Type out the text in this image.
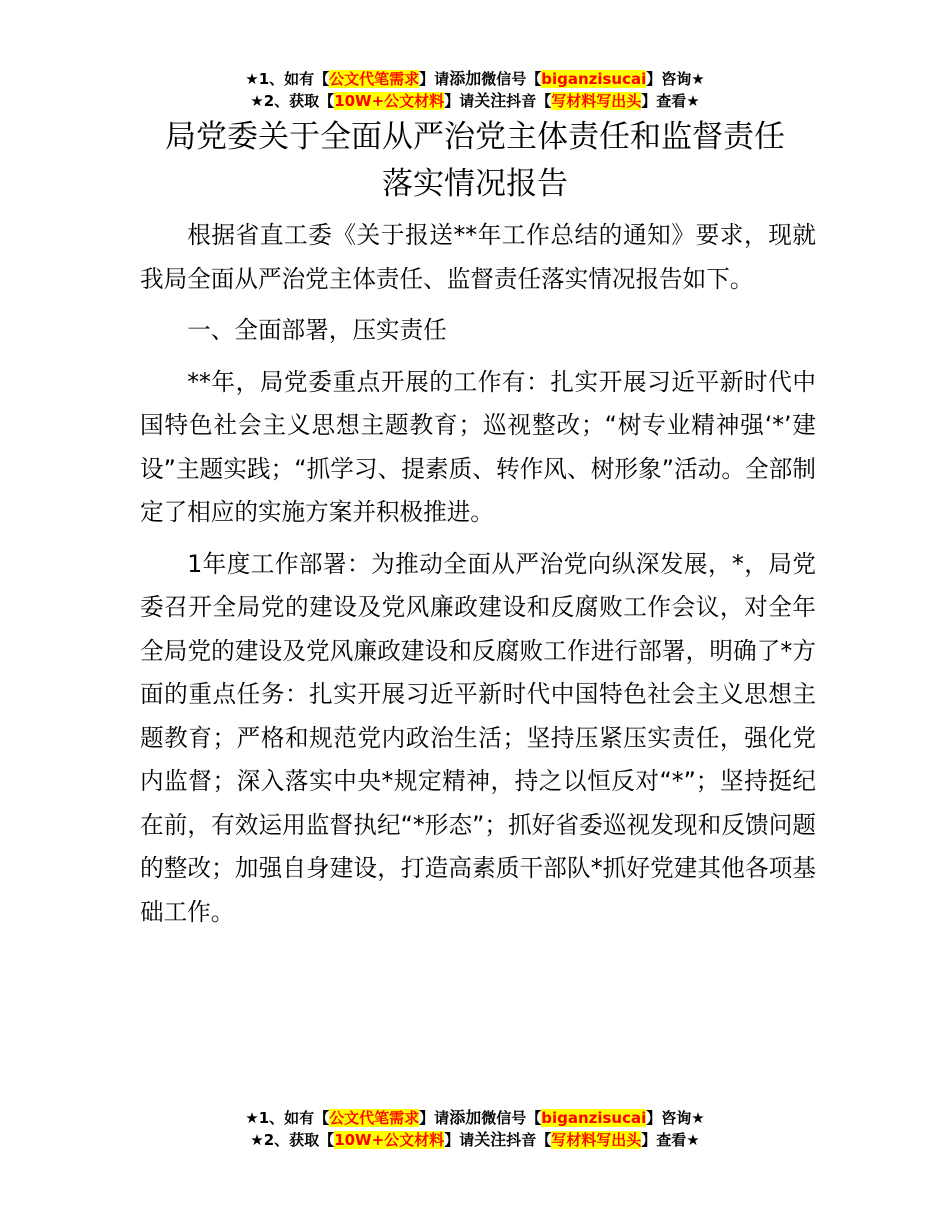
★1、如有【公文代笔需求】请添加微信号【biganzisucai】咨询★
★2、获取【10W+公文材料】请关注抖音【写材料写出头】查看★
局党委关于全面从严治党主体责任和监督责任
落实情况报告

根据省直工委《关于报送**年工作总结的通知》要求，现就我局全面从严治党主体责任、监督责任落实情况报告如下。

一、全面部署，压实责任

**年，局党委重点开展的工作有：扎实开展习近平新时代中国特色社会主义思想主题教育；巡视整改；“树专业精神强‘*’建设”主题实践；“抓学习、提素质、转作风、树形象”活动。全部制定了相应的实施方案并积极推进。

1年度工作部署：为推动全面从严治党向纵深发展，*，局党委召开全局党的建设及党风廉政建设和反腐败工作会议，对全年全局党的建设及党风廉政建设和反腐败工作进行部署，明确了*方面的重点任务：扎实开展习近平新时代中国特色社会主义思想主题教育；严格和规范党内政治生活；坚持压紧压实责任，强化党内监督；深入落实中央*规定精神，持之以恒反对“*”；坚持挺纪在前，有效运用监督执纪“*形态”；抓好省委巡视发现和反馈问题的整改；加强自身建设，打造高素质干部队*抓好党建其他各项基础工作。

★1、如有【公文代笔需求】请添加微信号【biganzisucai】咨询★
★2、获取【10W+公文材料】请关注抖音【写材料写出头】查看★
